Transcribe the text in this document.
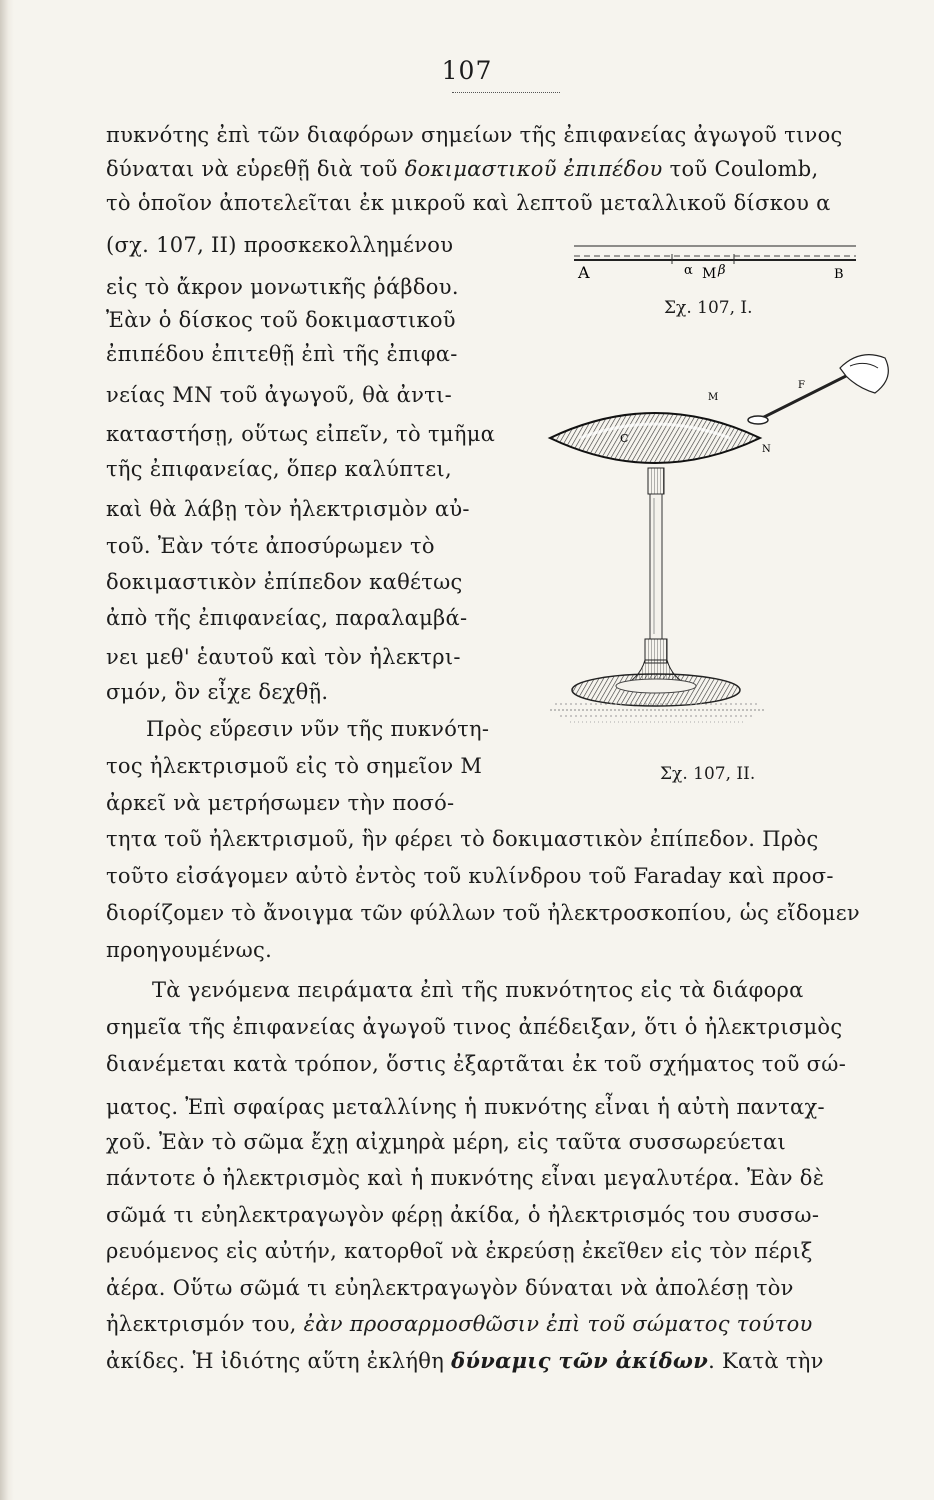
107
πυκνότης ἐπὶ τῶν διαφόρων σημείων τῆς ἐπιφανείας ἀγωγοῦ τινος
δύναται νὰ εὑρεθῇ διὰ τοῦ δοκιμαστικοῦ ἐπιπέδου τοῦ Coulomb,
τὸ ὁποῖον ἀποτελεῖται ἐκ μικροῦ καὶ λεπτοῦ μεταλλικοῦ δίσκου α
(σχ. 107, II) προσκεκολλημένου
εἰς τὸ ἄκρον μονωτικῆς ῥάβδου.
Ἐὰν ὁ δίσκος τοῦ δοκιμαστικοῦ
ἐπιπέδου ἐπιτεθῇ ἐπὶ τῆς ἐπιφα-
νείας ΜΝ τοῦ ἀγωγοῦ, θὰ ἀντι-
καταστήσῃ, οὕτως εἰπεῖν, τὸ τμῆμα
τῆς ἐπιφανείας, ὅπερ καλύπτει,
καὶ θὰ λάβῃ τὸν ἠλεκτρισμὸν αὐ-
τοῦ. Ἐὰν τότε ἀποσύρωμεν τὸ
δοκιμαστικὸν ἐπίπεδον καθέτως
ἀπὸ τῆς ἐπιφανείας, παραλαμβά-
νει μεθ' ἑαυτοῦ καὶ τὸν ἠλεκτρι-
σμόν, ὃν εἶχε δεχθῇ.
Πρὸς εὕρεσιν νῦν τῆς πυκνότη-
τος ἠλεκτρισμοῦ εἰς τὸ σημεῖον Μ
ἀρκεῖ νὰ μετρήσωμεν τὴν ποσό-
τητα τοῦ ἠλεκτρισμοῦ, ἣν φέρει τὸ δοκιμαστικὸν ἐπίπεδον. Πρὸς
τοῦτο εἰσάγομεν αὐτὸ ἐντὸς τοῦ κυλίνδρου τοῦ Faraday καὶ προσ-
διορίζομεν τὸ ἄνοιγμα τῶν φύλλων τοῦ ἠλεκτροσκοπίου, ὡς εἴδομεν
προηγουμένως.
Τὰ γενόμενα πειράματα ἐπὶ τῆς πυκνότητος εἰς τὰ διάφορα
σημεῖα τῆς ἐπιφανείας ἀγωγοῦ τινος ἀπέδειξαν, ὅτι ὁ ἠλεκτρισμὸς
διανέμεται κατὰ τρόπον, ὅστις ἐξαρτᾶται ἐκ τοῦ σχήματος τοῦ σώ-
ματος. Ἐπὶ σφαίρας μεταλλίνης ἡ πυκνότης εἶναι ἡ αὐτὴ πανταχ-
χοῦ. Ἐὰν τὸ σῶμα ἔχῃ αἰχμηρὰ μέρη, εἰς ταῦτα συσσωρεύεται
πάντοτε ὁ ἠλεκτρισμὸς καὶ ἡ πυκνότης εἶναι μεγαλυτέρα. Ἐὰν δὲ
σῶμά τι εὐηλεκτραγωγὸν φέρῃ ἀκίδα, ὁ ἠλεκτρισμός του συσσω-
ρευόμενος εἰς αὐτήν, κατορθοῖ νὰ ἐκρεύσῃ ἐκεῖθεν εἰς τὸν πέριξ
ἀέρα. Οὕτω σῶμά τι εὐηλεκτραγωγὸν δύναται νὰ ἀπολέσῃ τὸν
ἠλεκτρισμόν του, ἐὰν προσαρμοσθῶσιν ἐπὶ τοῦ σώματος τούτου
ἀκίδες. Ἡ ἰδιότης αὕτη ἐκλήθη δύναμις τῶν ἀκίδων. Κατὰ τὴν
A	α M β	B
Σχ. 107, I.
C
M
N
F
Σχ. 107, II.
